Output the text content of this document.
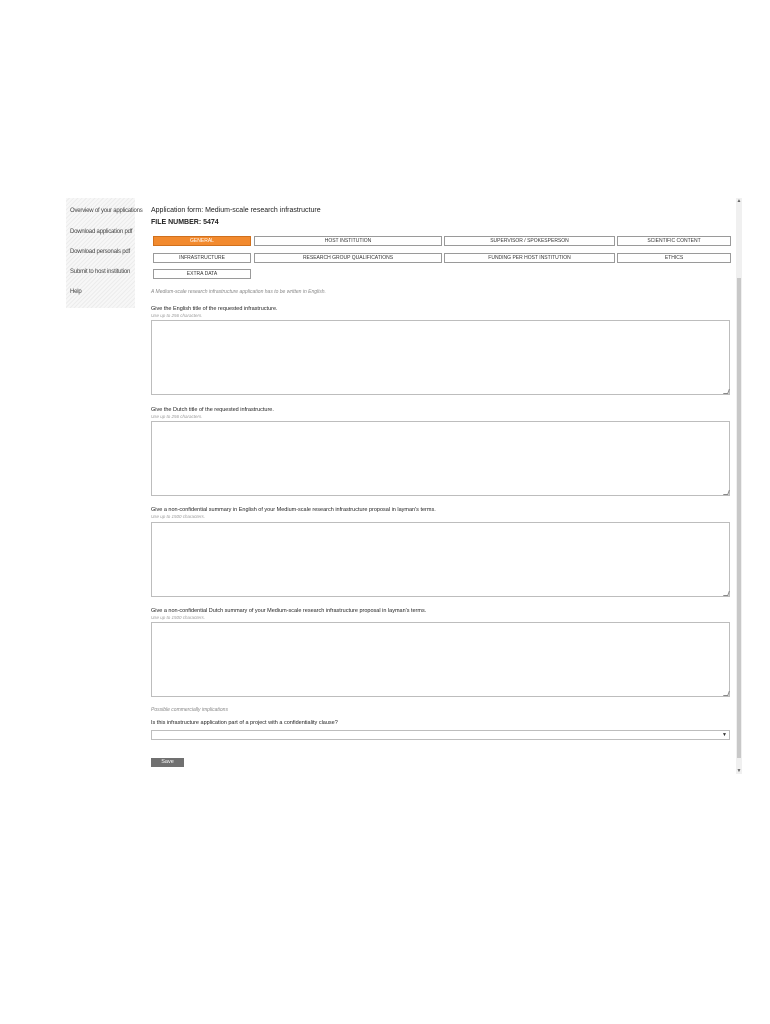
Overview of your applications
Download application pdf
Download personals pdf
Submit to host institution
Help
Application form: Medium-scale research infrastructure
FILE NUMBER: 5474
GENERAL	HOST INSTITUTION	SUPERVISOR / SPOKESPERSON	SCIENTIFIC CONTENT
INFRASTRUCTURE	RESEARCH GROUP QUALIFICATIONS	FUNDING PER HOST INSTITUTION	ETHICS
EXTRA DATA
A Medium-scale research infrastructure application has to be written in English.
Give the English title of the requested infrastructure.
Use up to 256 characters.
Give the Dutch title of the requested infrastructure.
Use up to 256 characters.
Give a non-confidential summary in English of your Medium-scale research infrastructure proposal in layman's terms.
Use up to 1500 characters.
Give a non-confidential Dutch summary of your Medium-scale research infrastructure proposal in layman's terms.
Use up to 1500 characters.
Possible commercially implications
Is this infrastructure application part of a project with a confidentiality clause?
▼
Save
▲
▼
